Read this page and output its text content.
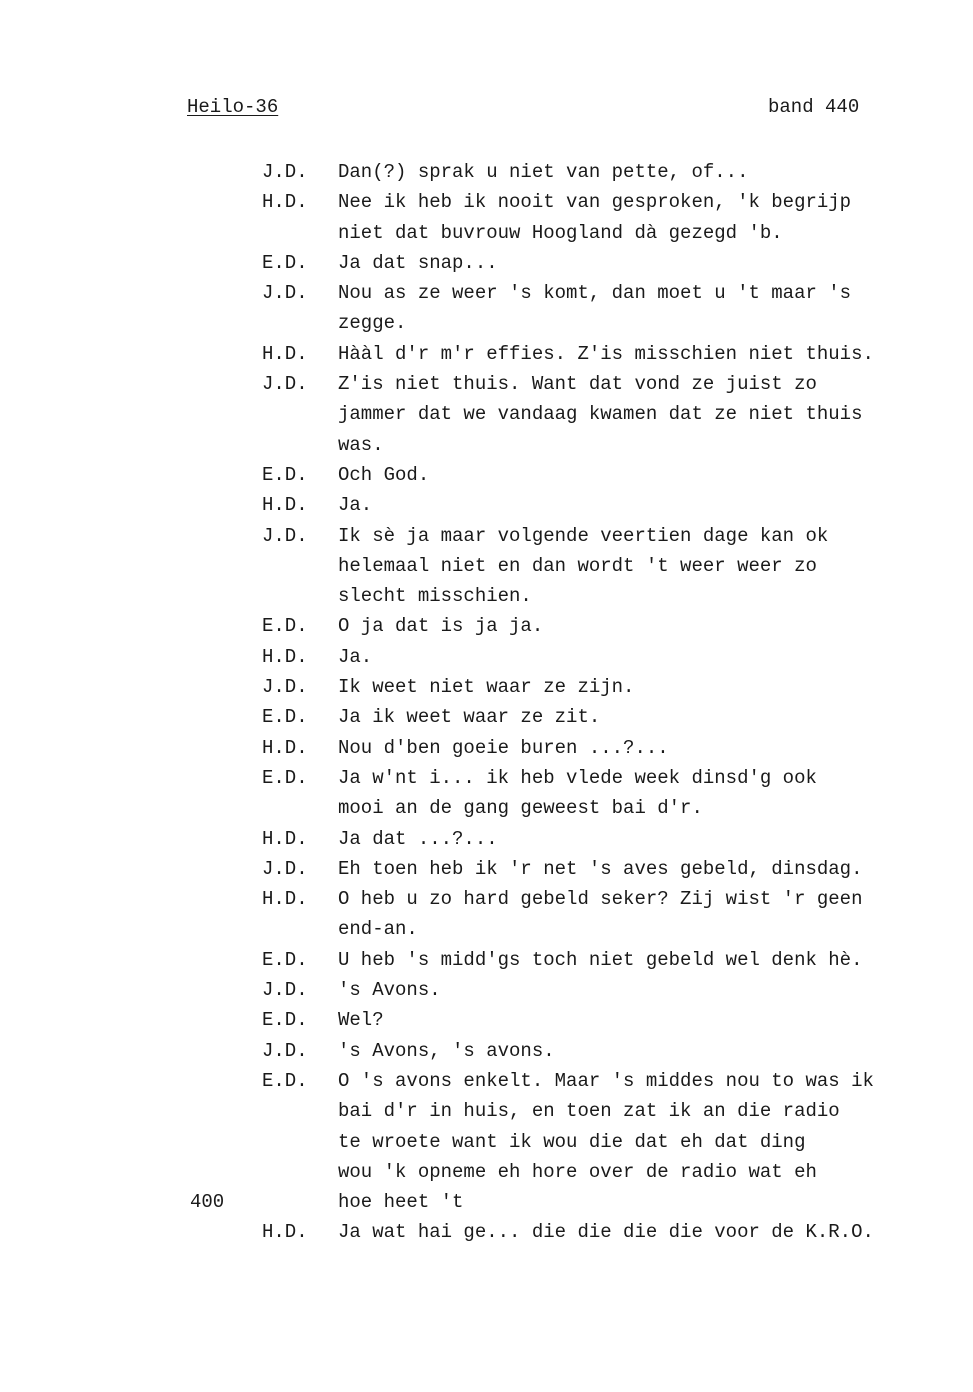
Heilo-36	band 440
J.D. Dan(?) sprak u niet van pette, of...
H.D. Nee ik heb ik nooit van gesproken, 'k begrijp
niet dat buvrouw Hoogland dà gezegd 'b.
E.D. Ja dat snap...
J.D. Nou as ze weer 's komt, dan moet u 't maar 's
zegge.
H.D. Hààl d'r m'r effies. Z'is misschien niet thuis.
J.D. Z'is niet thuis. Want dat vond ze juist zo
jammer dat we vandaag kwamen dat ze niet thuis
was.
E.D. Och God.
H.D. Ja.
J.D. Ik sè ja maar volgende veertien dage kan ok
helemaal niet en dan wordt 't weer weer zo
slecht misschien.
E.D. O ja dat is ja ja.
H.D. Ja.
J.D. Ik weet niet waar ze zijn.
E.D. Ja ik weet waar ze zit.
H.D. Nou d'ben goeie buren ...?...
E.D. Ja w'nt i... ik heb vlede week dinsd'g ook
mooi an de gang geweest bai d'r.
H.D. Ja dat ...?...
J.D. Eh toen heb ik 'r net 's aves gebeld, dinsdag.
H.D. O heb u zo hard gebeld seker? Zij wist 'r geen
end-an.
E.D. U heb 's midd'gs toch niet gebeld wel denk hè.
J.D. 's Avons.
E.D. Wel?
J.D. 's Avons, 's avons.
E.D. O 's avons enkelt. Maar 's middes nou to was ik
bai d'r in huis, en toen zat ik an die radio
te wroete want ik wou die dat eh dat ding
wou 'k opneme eh hore over de radio wat eh
400	hoe heet 't
H.D. Ja wat hai ge... die die die die voor de K.R.O.
